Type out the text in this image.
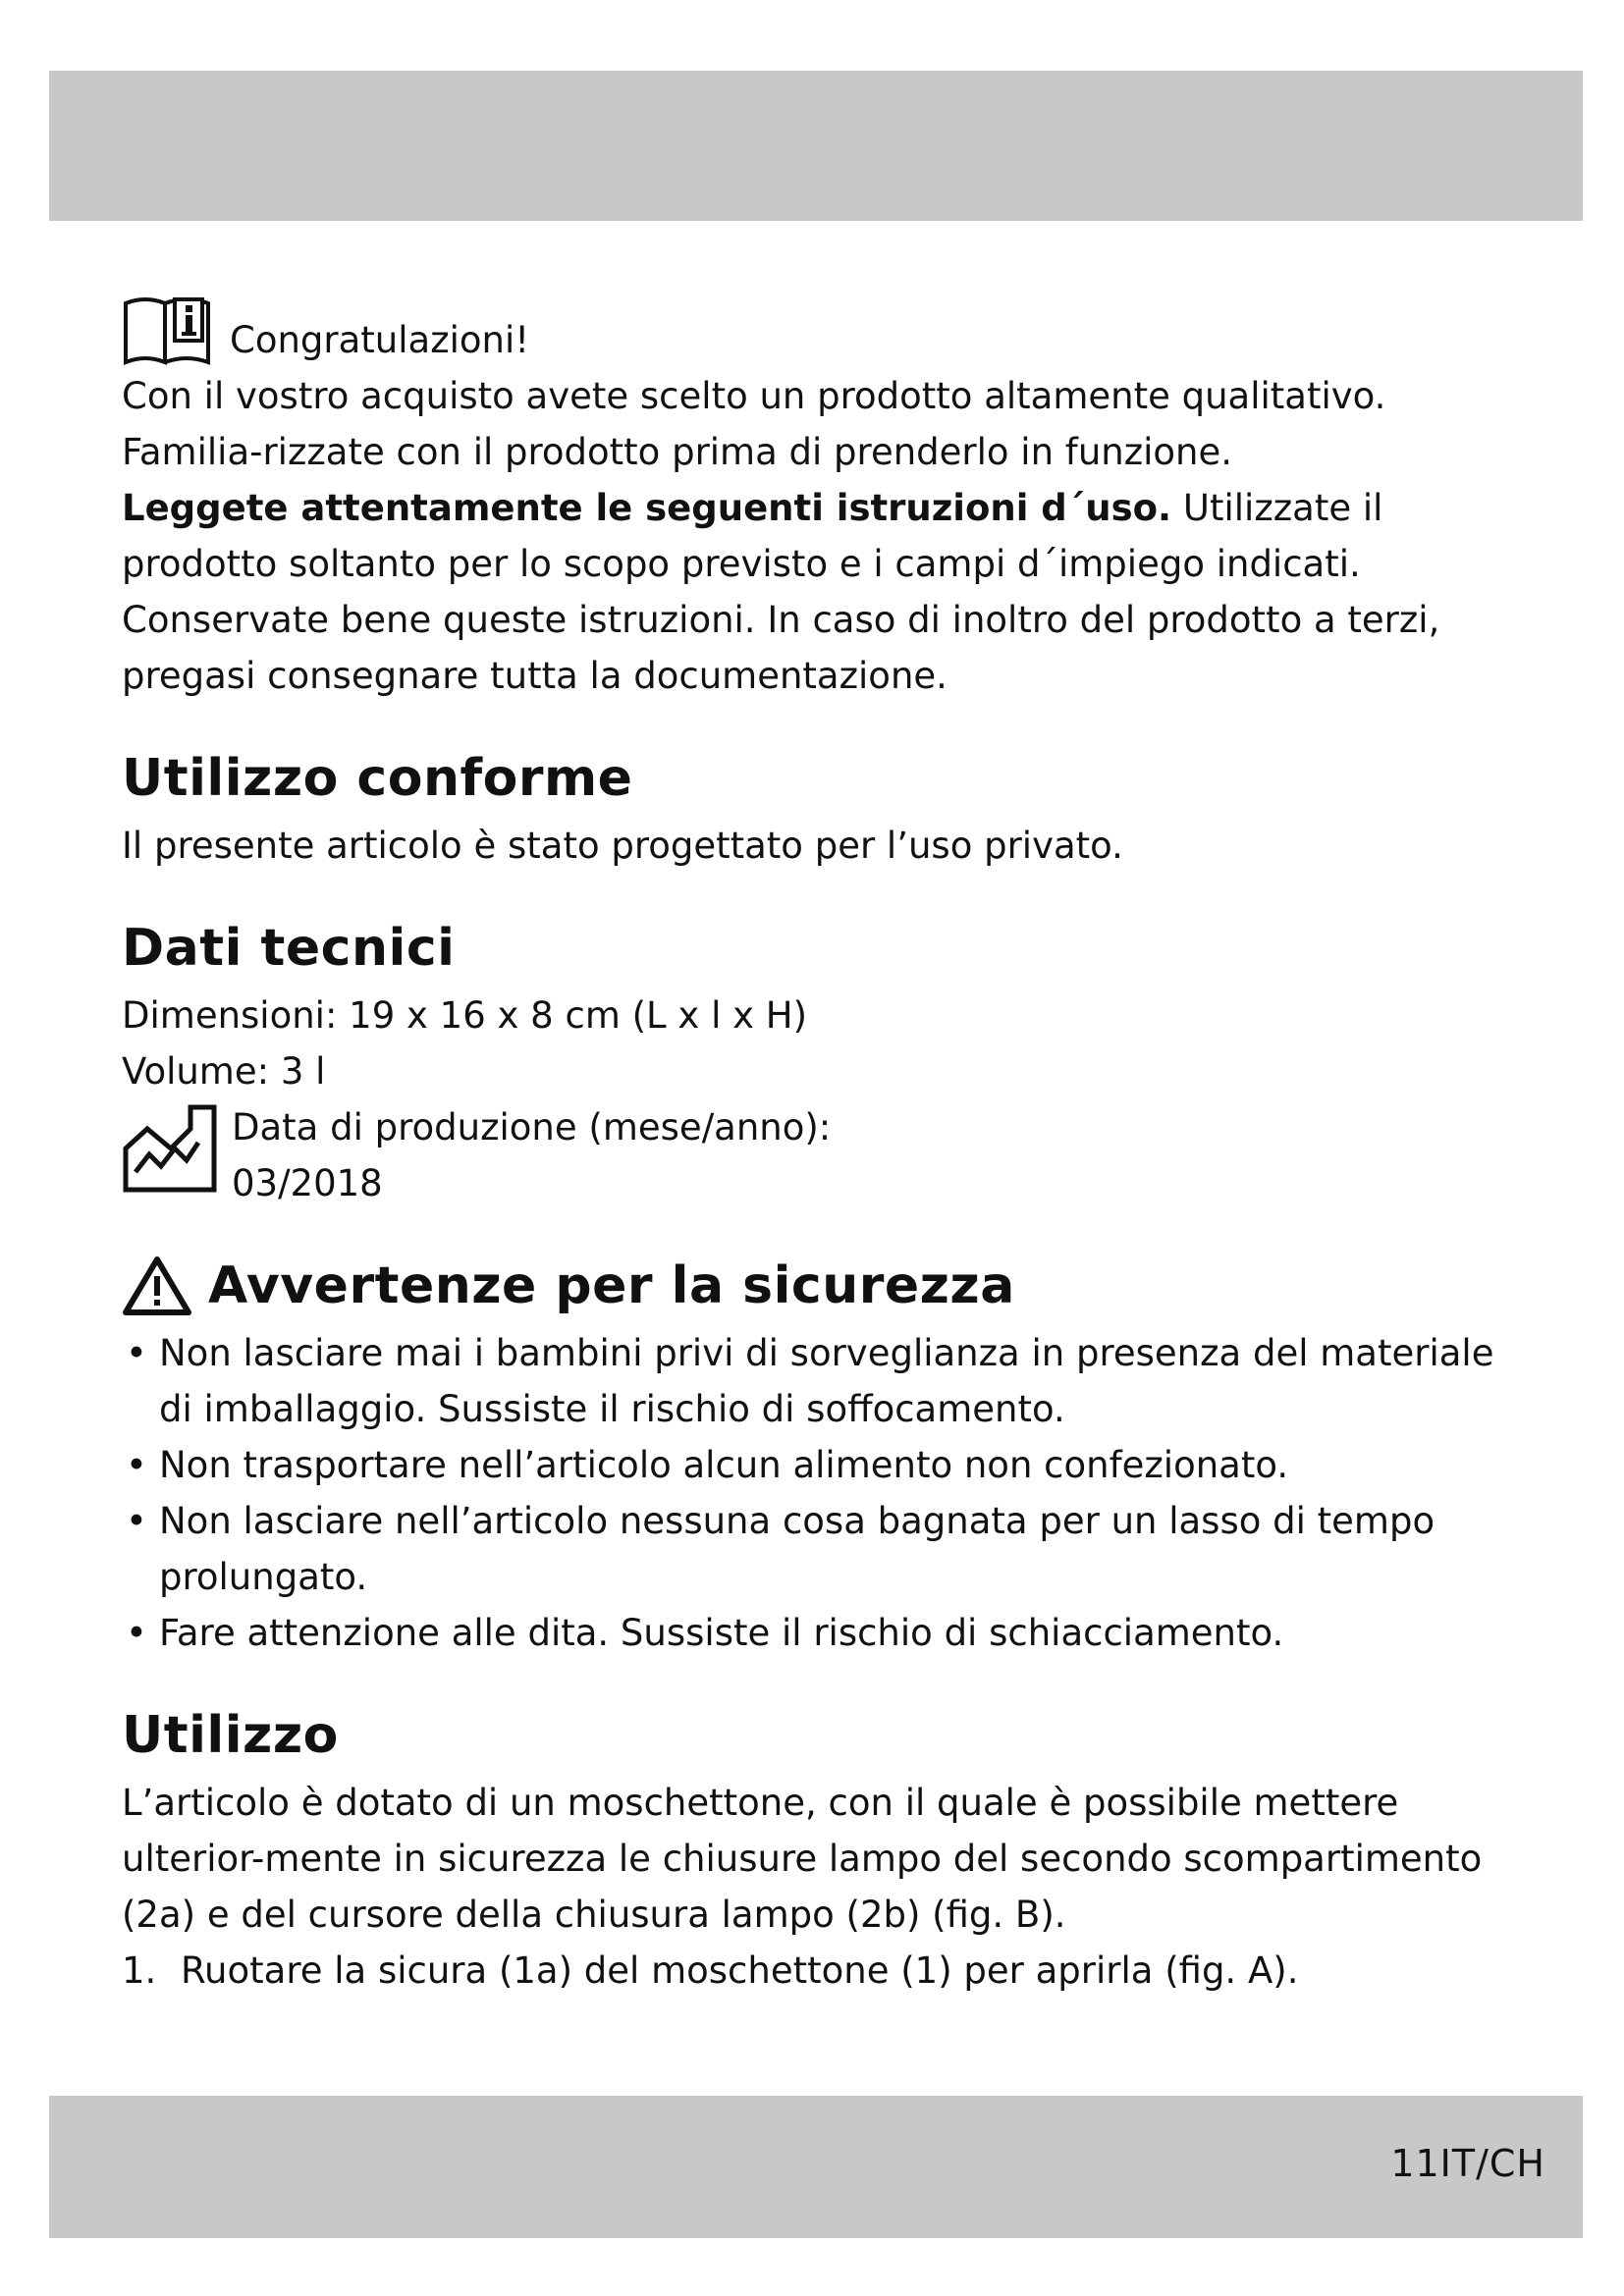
Congratulazioni!

Con il vostro acquisto avete scelto un prodotto altamente qualitativo. Familia-rizzate con il prodotto prima di prenderlo in funzione.

Leggete attentamente le seguenti istruzioni d´uso. Utilizzate il prodotto soltanto per lo scopo previsto e i campi d´impiego indicati. Conservate bene queste istruzioni. In caso di inoltro del prodotto a terzi, pregasi consegnare tutta la documentazione.

Utilizzo conforme

Il presente articolo è stato progettato per l’uso privato.

Dati tecnici

Dimensioni: 19 x 16 x 8 cm (L x l x H)

Volume: 3 l

Data di produzione (mese/anno):

03/2018

Avvertenze per la sicurezza
• Non lasciare mai i bambini privi di sorveglianza in presenza del materiale di imballaggio. Sussiste il rischio di soffocamento.
• Non trasportare nell’articolo alcun alimento non confezionato.
• Non lasciare nell’articolo nessuna cosa bagnata per un lasso di tempo prolungato.
• Fare attenzione alle dita. Sussiste il rischio di schiacciamento.
Utilizzo

L’articolo è dotato di un moschettone, con il quale è possibile mettere ulterior-mente in sicurezza le chiusure lampo del secondo scompartimento (2a) e del cursore della chiusura lampo (2b) (fig. B).

1. Ruotare la sicura (1a) del moschettone (1) per aprirla (fig. A).
11IT/CH
